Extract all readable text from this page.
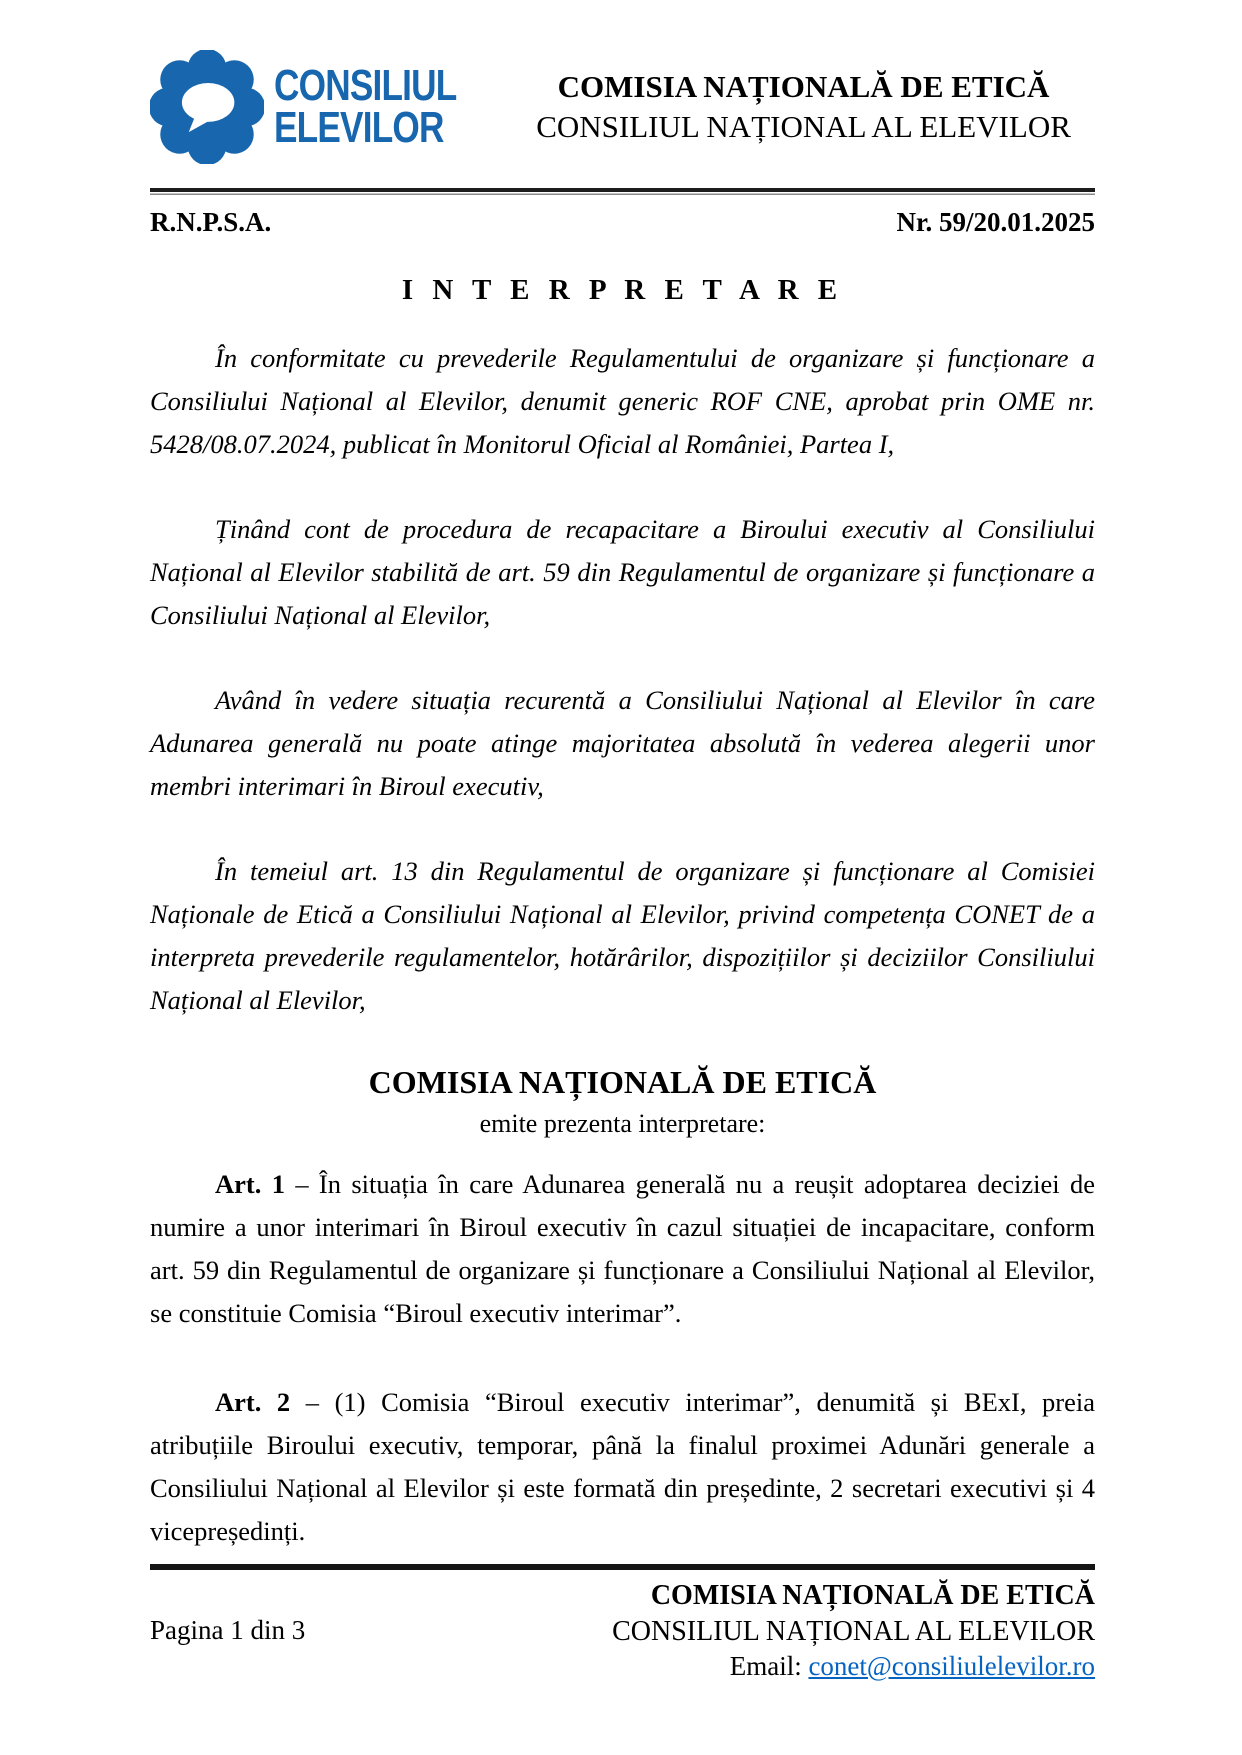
CONSILIUL
ELEVILOR
COMISIA NAȚIONALĂ DE ETICĂ
CONSILIUL NAȚIONAL AL ELEVILOR
R.N.P.S.A.	Nr. 59/20.01.2025
I N T E R P R E T A R E

În conformitate cu prevederile Regulamentului de organizare și funcționare a Consiliului Național al Elevilor, denumit generic ROF CNE, aprobat prin OME nr. 5428/08.07.2024, publicat în Monitorul Oficial al României, Partea I,

Ținând cont de procedura de recapacitare a Biroului executiv al Consiliului Național al Elevilor stabilită de art. 59 din Regulamentul de organizare și funcționare a Consiliului Național al Elevilor,

Având în vedere situația recurentă a Consiliului Național al Elevilor în care Adunarea generală nu poate atinge majoritatea absolută în vederea alegerii unor membri interimari în Biroul executiv,

În temeiul art. 13 din Regulamentul de organizare și funcționare al Comisiei Naționale de Etică a Consiliului Național al Elevilor, privind competența CONET de a interpreta prevederile regulamentelor, hotărârilor, dispozițiilor și deciziilor Consiliului Național al Elevilor,

COMISIA NAȚIONALĂ DE ETICĂ
emite prezenta interpretare:

Art. 1 – În situația în care Adunarea generală nu a reușit adoptarea deciziei de numire a unor interimari în Biroul executiv în cazul situației de incapacitare, conform art. 59 din Regulamentul de organizare și funcționare a Consiliului Național al Elevilor, se constituie Comisia “Biroul executiv interimar”.

Art. 2 – (1) Comisia “Biroul executiv interimar”, denumită și BExI, preia atribuțiile Biroului executiv, temporar, până la finalul proximei Adunări generale a Consiliului Național al Elevilor și este formată din președinte, 2 secretari executivi și 4 vicepreședinți.

Pagina 1 din 3
COMISIA NAȚIONALĂ DE ETICĂ
CONSILIUL NAȚIONAL AL ELEVILOR
Email: conet@consiliulelevilor.ro
